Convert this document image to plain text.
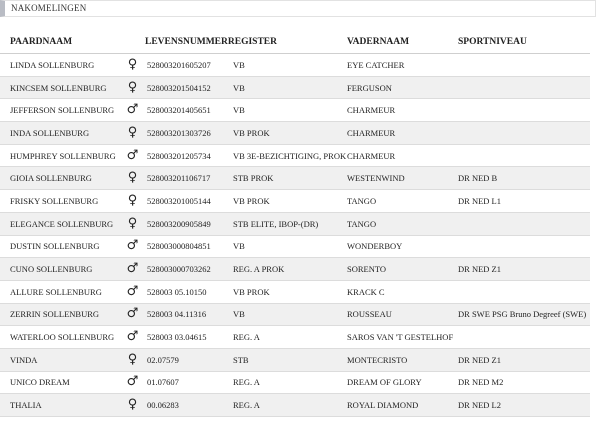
NAKOMELINGEN
PAARDNAAM		LEVENSNUMMERREGISTER		VADERNAAM	SPORTNIVEAU
LINDA SOLLENBURG	♀	528003201605207	VB	EYE CATCHER	
KINCSEM SOLLENBURG	♀	528003201504152	VB	FERGUSON	
JEFFERSON SOLLENBURG	♂	528003201405651	VB	CHARMEUR	
INDA SOLLENBURG	♀	528003201303726	VB PROK	CHARMEUR	
HUMPHREY SOLLENBURG	♂	528003201205734	VB 3E-BEZICHTIGING, PROK	CHARMEUR	
GIOIA SOLLENBURG	♀	528003201106717	STB PROK	WESTENWIND	DR NED B
FRISKY SOLLENBURG	♀	528003201005144	VB PROK	TANGO	DR NED L1
ELEGANCE SOLLENBURG	♀	528003200905849	STB ELITE, IBOP-(DR)	TANGO	
DUSTIN SOLLENBURG	♂	528003000804851	VB	WONDERBOY	
CUNO SOLLENBURG	♂	528003000703262	REG. A PROK	SORENTO	DR NED Z1
ALLURE SOLLENBURG	♂	528003 05.10150	VB PROK	KRACK C	
ZERRIN SOLLENBURG	♂	528003 04.11316	VB	ROUSSEAU	DR SWE PSG Bruno Degreef (SWE)
WATERLOO SOLLENBURG	♂	528003 03.04615	REG. A	SAROS VAN 'T GESTELHOF	
VINDA	♀	02.07579	STB	MONTECRISTO	DR NED Z1
UNICO DREAM	♂	01.07607	REG. A	DREAM OF GLORY	DR NED M2
THALIA	♀	00.06283	REG. A	ROYAL DIAMOND	DR NED L2
